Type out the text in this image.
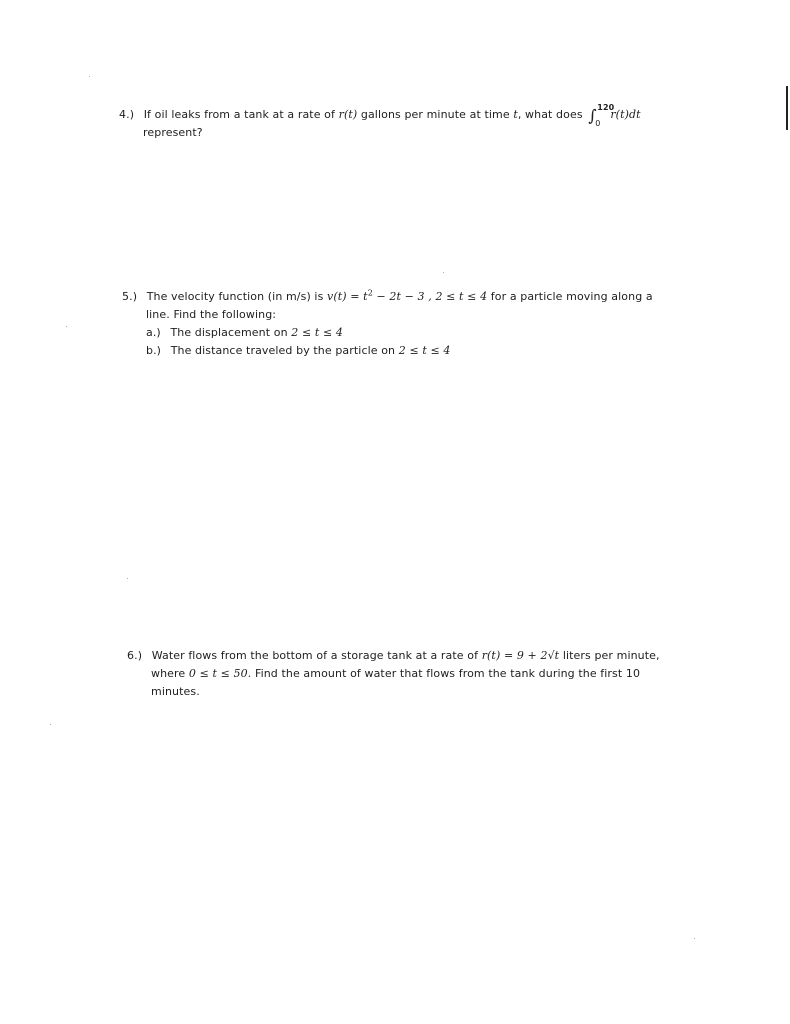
4.) If oil leaks from a tank at a rate of r(t) gallons per minute at time t, what does ∫ 120
0
r(t)dt
represent?
5.) The velocity function (in m/s) is $v(t) = t^2 - 2t - 3$ , 2 ≤ t ≤ 4 for a particle moving along a
line. Find the following:
a.) The displacement on 2 ≤ t ≤ 4
b.) The distance traveled by the particle on 2 ≤ t ≤ 4
6.) Water flows from the bottom of a storage tank at a rate of r(t) = 9 + 2√t liters per minute,
where 0 ≤ t ≤ 50. Find the amount of water that flows from the tank during the first 10
minutes.
